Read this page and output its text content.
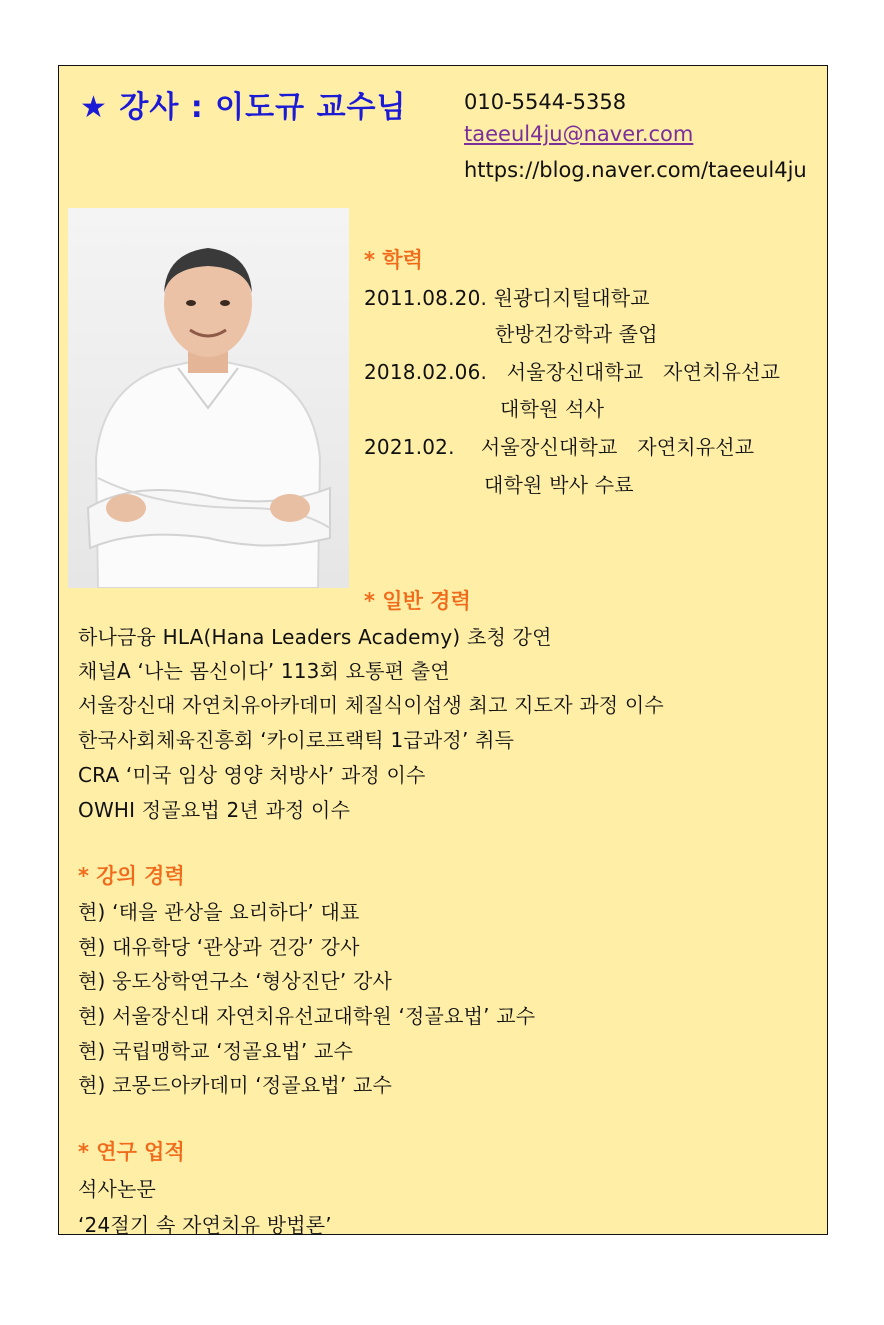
★ 강사 : 이도규 교수님	010-5544-5358
taeeul4ju@naver.com
https://blog.naver.com/taeeul4ju
* 학력
2011.08.20. 원광디지털대학교
한방건강학과 졸업
2018.02.06.   서울장신대학교   자연치유선교
대학원 석사
2021.02.    서울장신대학교   자연치유선교
대학원 박사 수료
* 일반 경력
하나금융 HLA(Hana Leaders Academy) 초청 강연
채널A ‘나는 몸신이다’ 113회 요통편 출연
서울장신대 자연치유아카데미 체질식이섭생 최고 지도자 과정 이수
한국사회체육진흥회 ‘카이로프랙틱 1급과정’ 취득
CRA ‘미국 임상 영양 처방사’ 과정 이수
OWHI 정골요법 2년 과정 이수
* 강의 경력
현) ‘태을 관상을 요리하다’ 대표
현) 대유학당 ‘관상과 건강’ 강사
현) 웅도상학연구소 ‘형상진단’ 강사
현) 서울장신대 자연치유선교대학원 ‘정골요법’ 교수
현) 국립맹학교 ‘정골요법’ 교수
현) 코몽드아카데미 ‘정골요법’ 교수
* 연구 업적
석사논문
‘24절기 속 자연치유 방법론’
